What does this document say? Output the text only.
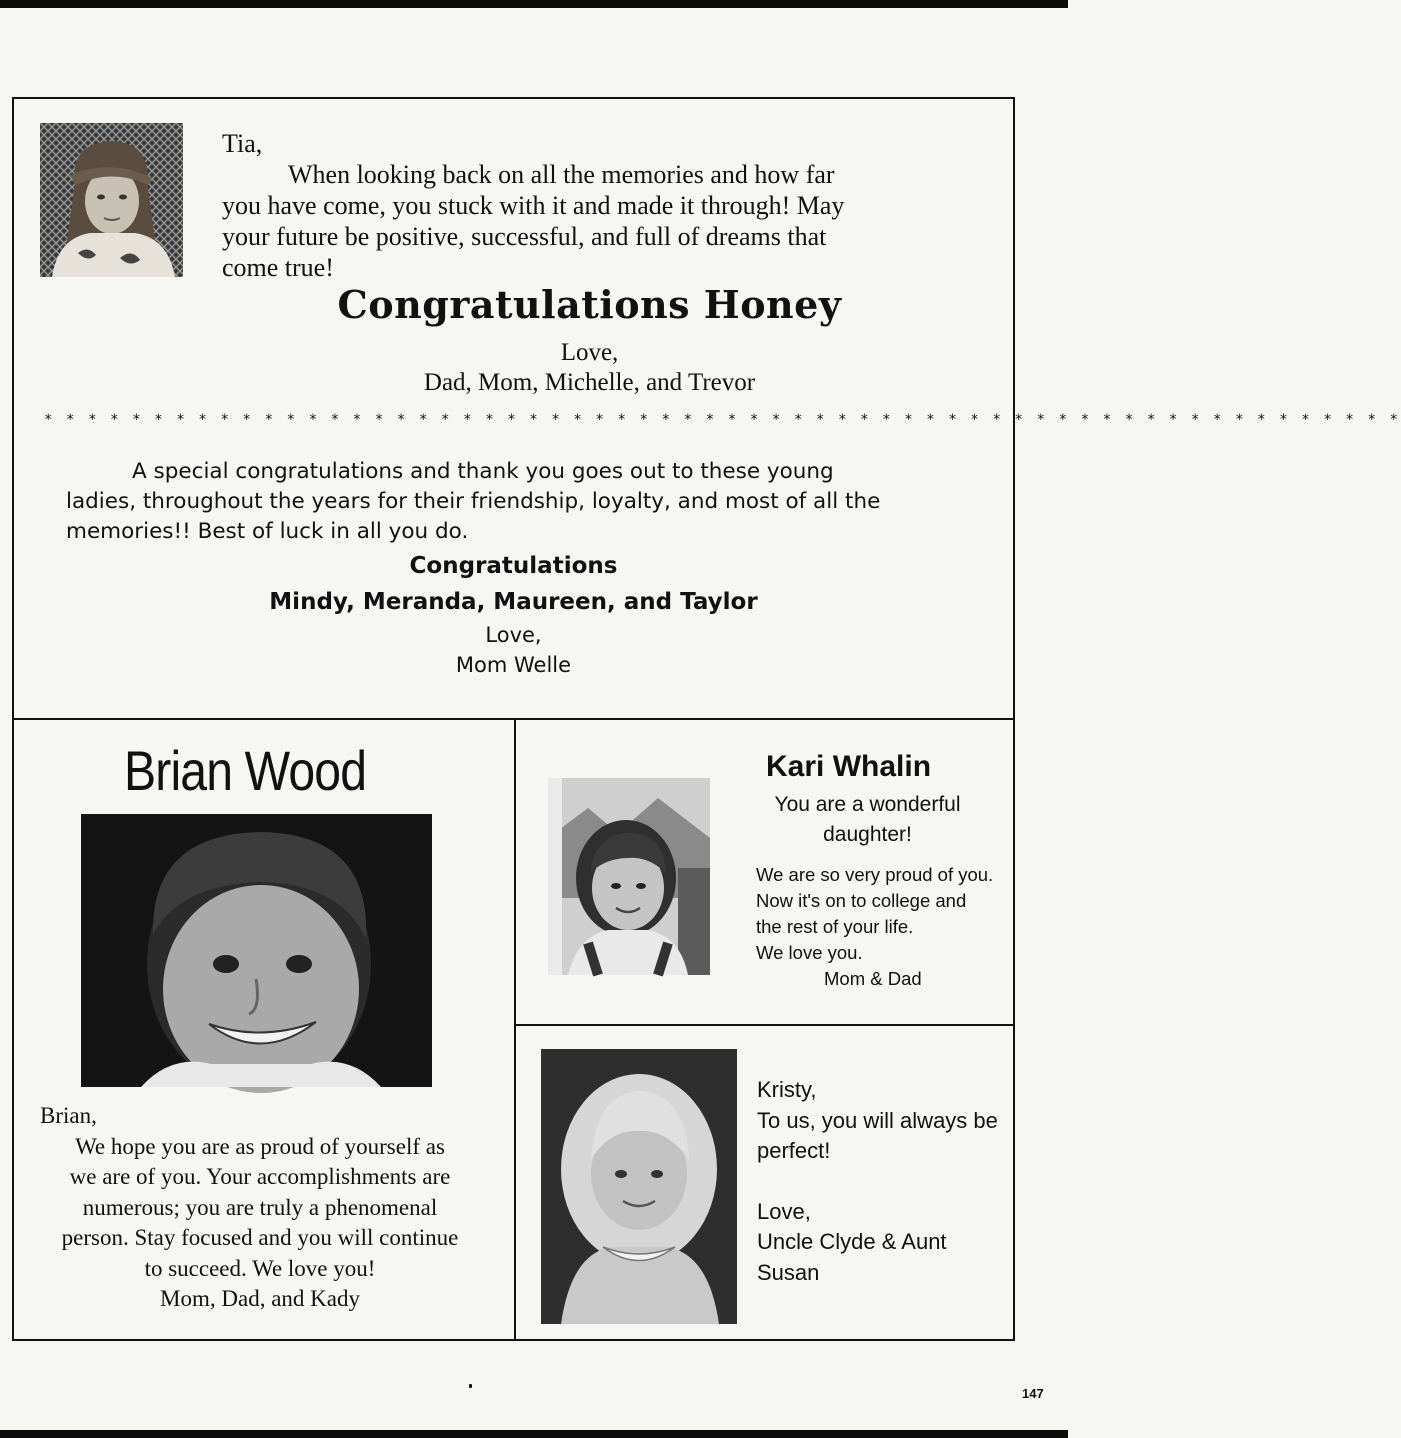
Tia,
When looking back on all the memories and how far
you have come, you stuck with it and made it through! May
your future be positive, successful, and full of dreams that
come true!
Congratulations Honey
Love,
Dad, Mom, Michelle, and Trevor
* * * * * * * * * * * * * * * * * * * * * * * * * * * * * * * * * * * * * * * * * * * * * * * * * * * * * * * * * * * * * *
A special congratulations and thank you goes out to these young
ladies, throughout the years for their friendship, loyalty, and most of all the
memories!! Best of luck in all you do.
Congratulations
Mindy, Meranda, Maureen, and Taylor
Love,
Mom Welle
Brian Wood
Brian,
We hope you are as proud of yourself as
we are of you. Your accomplishments are
numerous; you are truly a phenomenal
person. Stay focused and you will continue
to succeed. We love you!
Mom, Dad, and Kady
Kari Whalin
You are a wonderful
daughter!
We are so very proud of you.
Now it's on to college and
the rest of your life.
We love you.
Mom & Dad
Kristy,
To us, you will always be
perfect!
Love,
Uncle Clyde & Aunt Susan
147
